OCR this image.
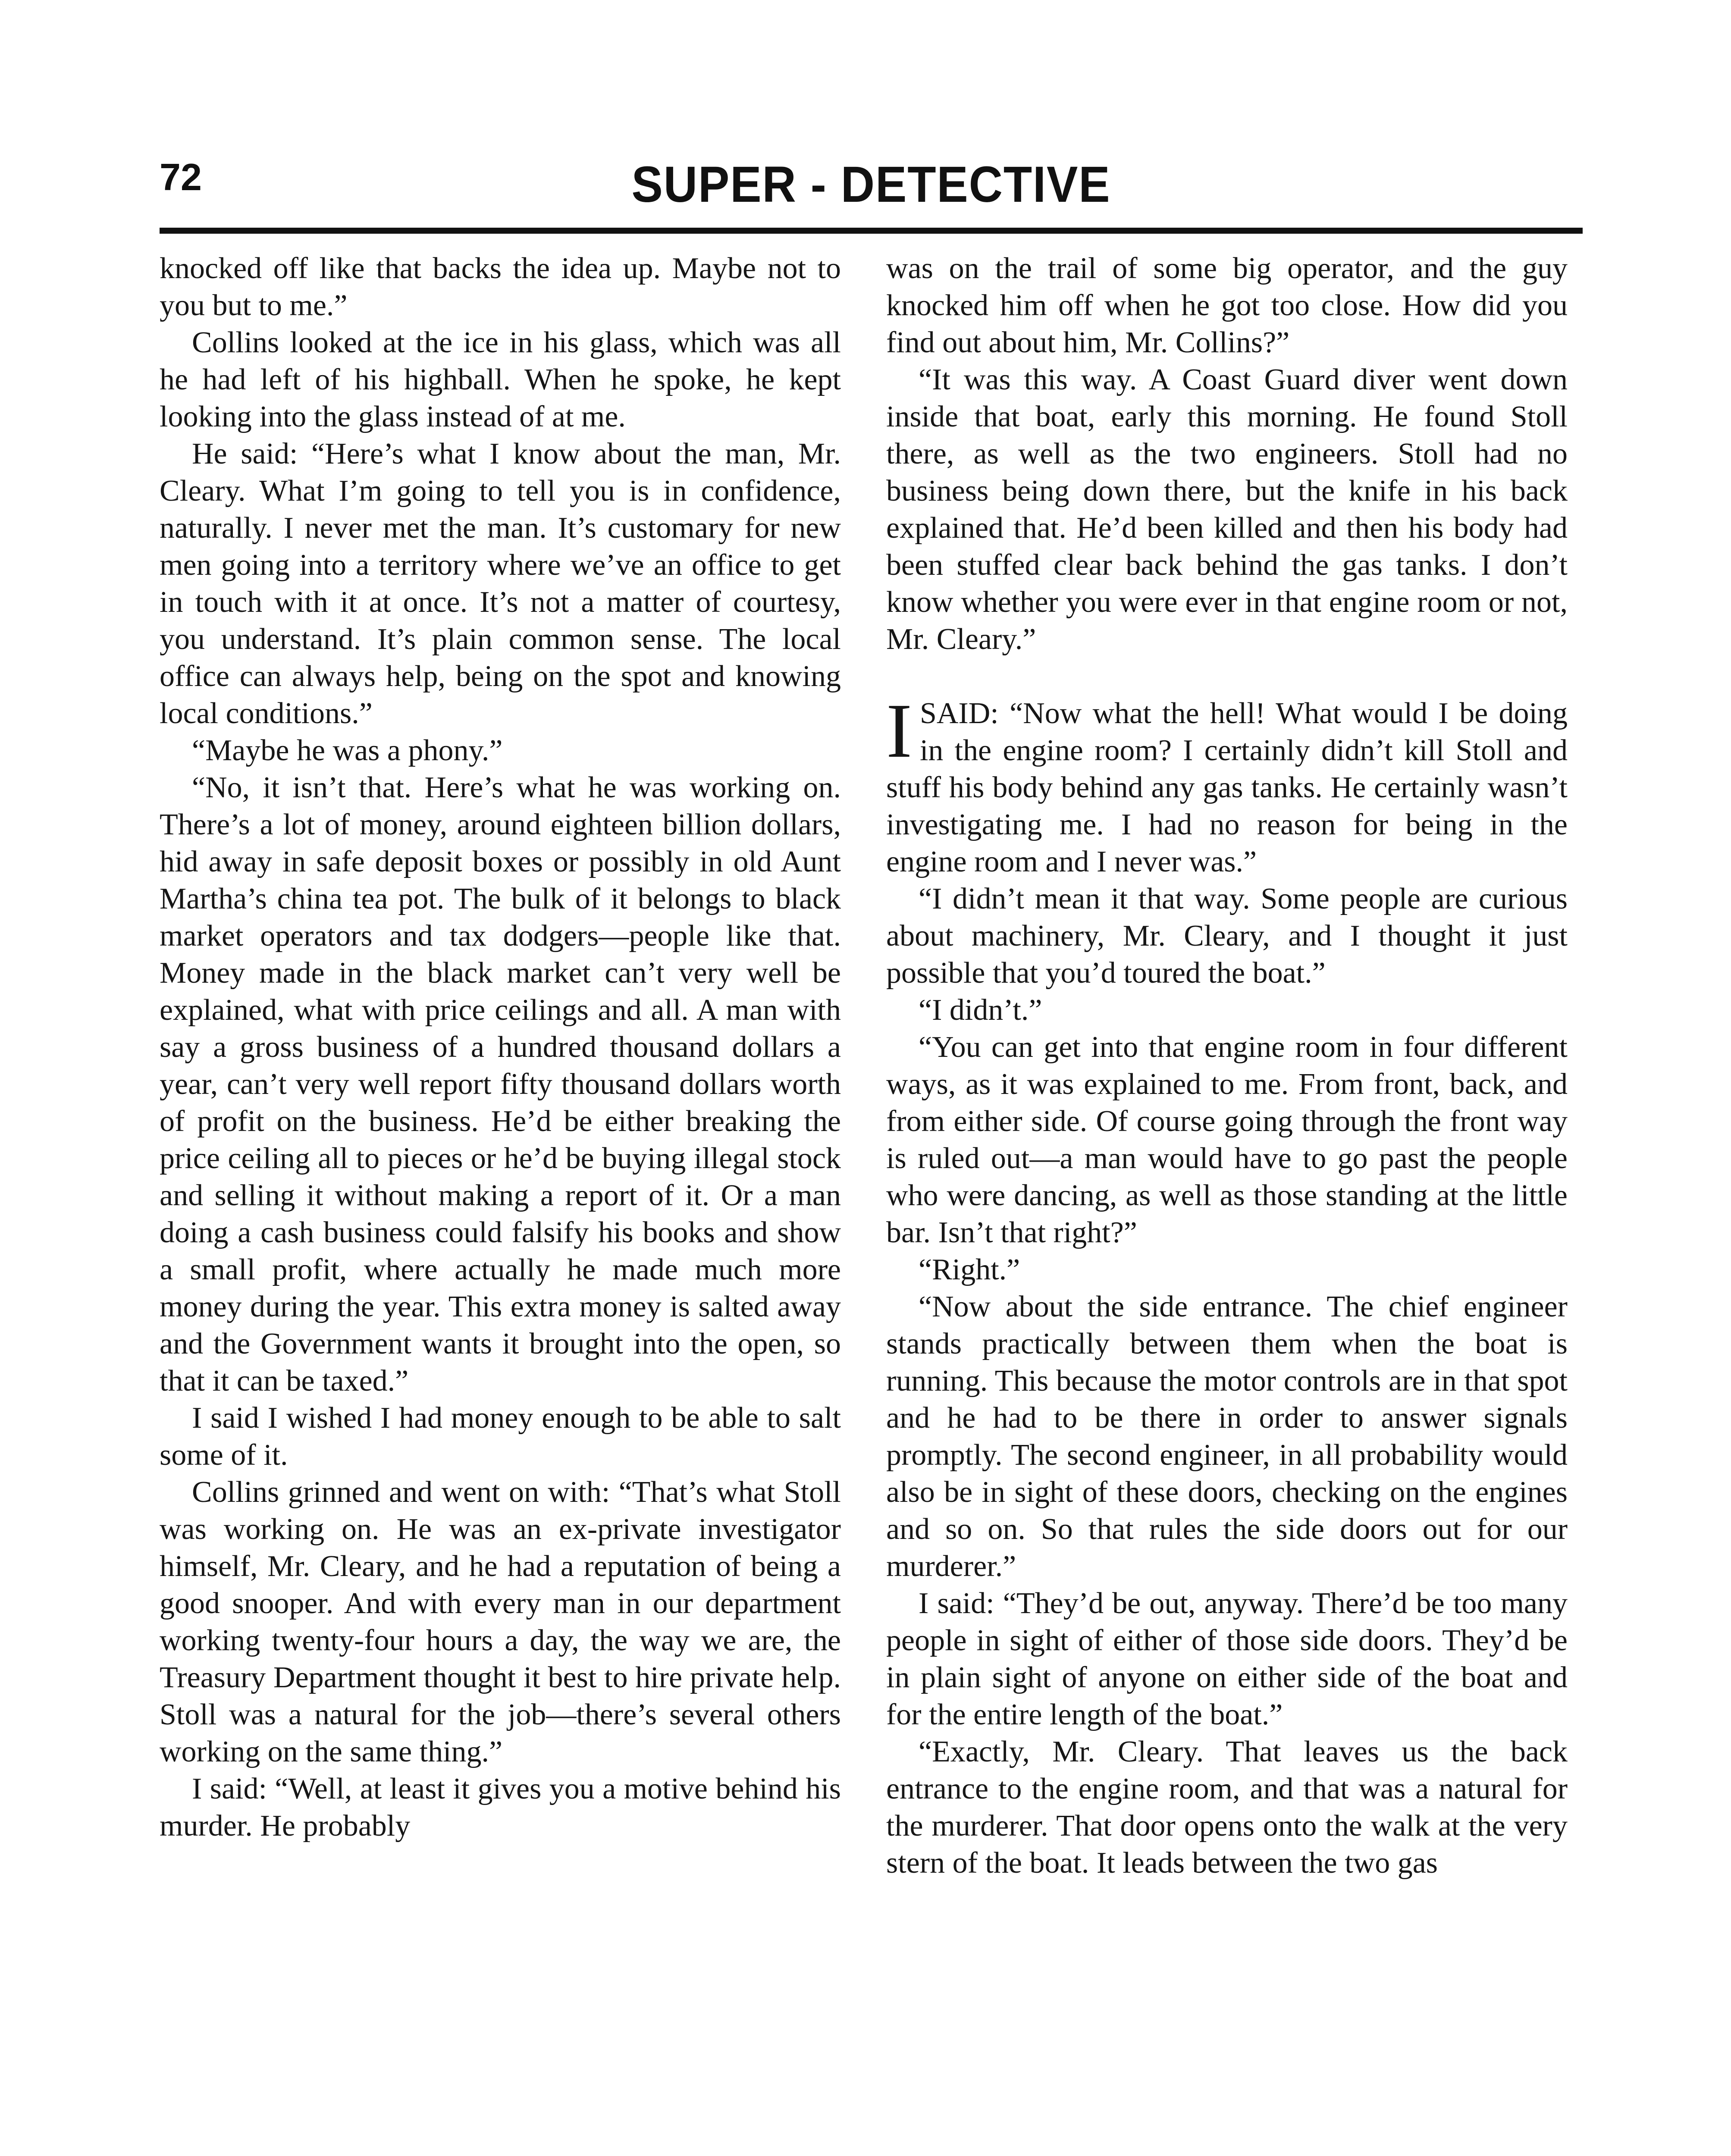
72	SUPER - DETECTIVE

knocked off like that backs the idea up. Maybe not to you but to me.”

Collins looked at the ice in his glass, which was all he had left of his highball. When he spoke, he kept looking into the glass instead of at me.

He said: “Here’s what I know about the man, Mr. Cleary. What I’m going to tell you is in confidence, naturally. I never met the man. It’s customary for new men going into a territory where we’ve an office to get in touch with it at once. It’s not a matter of courtesy, you understand. It’s plain common sense. The local office can always help, being on the spot and knowing local conditions.”

“Maybe he was a phony.”

“No, it isn’t that. Here’s what he was working on. There’s a lot of money, around eighteen billion dollars, hid away in safe deposit boxes or possibly in old Aunt Martha’s china tea pot. The bulk of it belongs to black market operators and tax dodgers—people like that. Money made in the black market can’t very well be explained, what with price ceilings and all. A man with say a gross business of a hundred thousand dollars a year, can’t very well report fifty thousand dollars worth of profit on the business. He’d be either breaking the price ceiling all to pieces or he’d be buying illegal stock and selling it without making a report of it. Or a man doing a cash business could falsify his books and show a small profit, where actually he made much more money during the year. This extra money is salted away and the Government wants it brought into the open, so that it can be taxed.”

I said I wished I had money enough to be able to salt some of it.

Collins grinned and went on with: “That’s what Stoll was working on. He was an ex-private investigator himself, Mr. Cleary, and he had a reputation of being a good snooper. And with every man in our department working twenty-four hours a day, the way we are, the Treasury Department thought it best to hire private help. Stoll was a natural for the job—there’s several others working on the same thing.”

I said: “Well, at least it gives you a motive behind his murder. He probably

was on the trail of some big operator, and the guy knocked him off when he got too close. How did you find out about him, Mr. Collins?”

“It was this way. A Coast Guard diver went down inside that boat, early this morning. He found Stoll there, as well as the two engineers. Stoll had no business being down there, but the knife in his back explained that. He’d been killed and then his body had been stuffed clear back behind the gas tanks. I don’t know whether you were ever in that engine room or not, Mr. Cleary.”

ISAID: “Now what the hell! What would I be doing in the engine room? I certainly didn’t kill Stoll and stuff his body behind any gas tanks. He certainly wasn’t investigating me. I had no reason for being in the engine room and I never was.”

“I didn’t mean it that way. Some people are curious about machinery, Mr. Cleary, and I thought it just possible that you’d toured the boat.”

“I didn’t.”

“You can get into that engine room in four different ways, as it was explained to me. From front, back, and from either side. Of course going through the front way is ruled out—a man would have to go past the people who were dancing, as well as those standing at the little bar. Isn’t that right?”

“Right.”

“Now about the side entrance. The chief engineer stands practically between them when the boat is running. This because the motor controls are in that spot and he had to be there in order to answer signals promptly. The second engineer, in all probability would also be in sight of these doors, checking on the engines and so on. So that rules the side doors out for our murderer.”

I said: “They’d be out, anyway. There’d be too many people in sight of either of those side doors. They’d be in plain sight of anyone on either side of the boat and for the entire length of the boat.”

“Exactly, Mr. Cleary. That leaves us the back entrance to the engine room, and that was a natural for the murderer. That door opens onto the walk at the very stern of the boat. It leads between the two gas
